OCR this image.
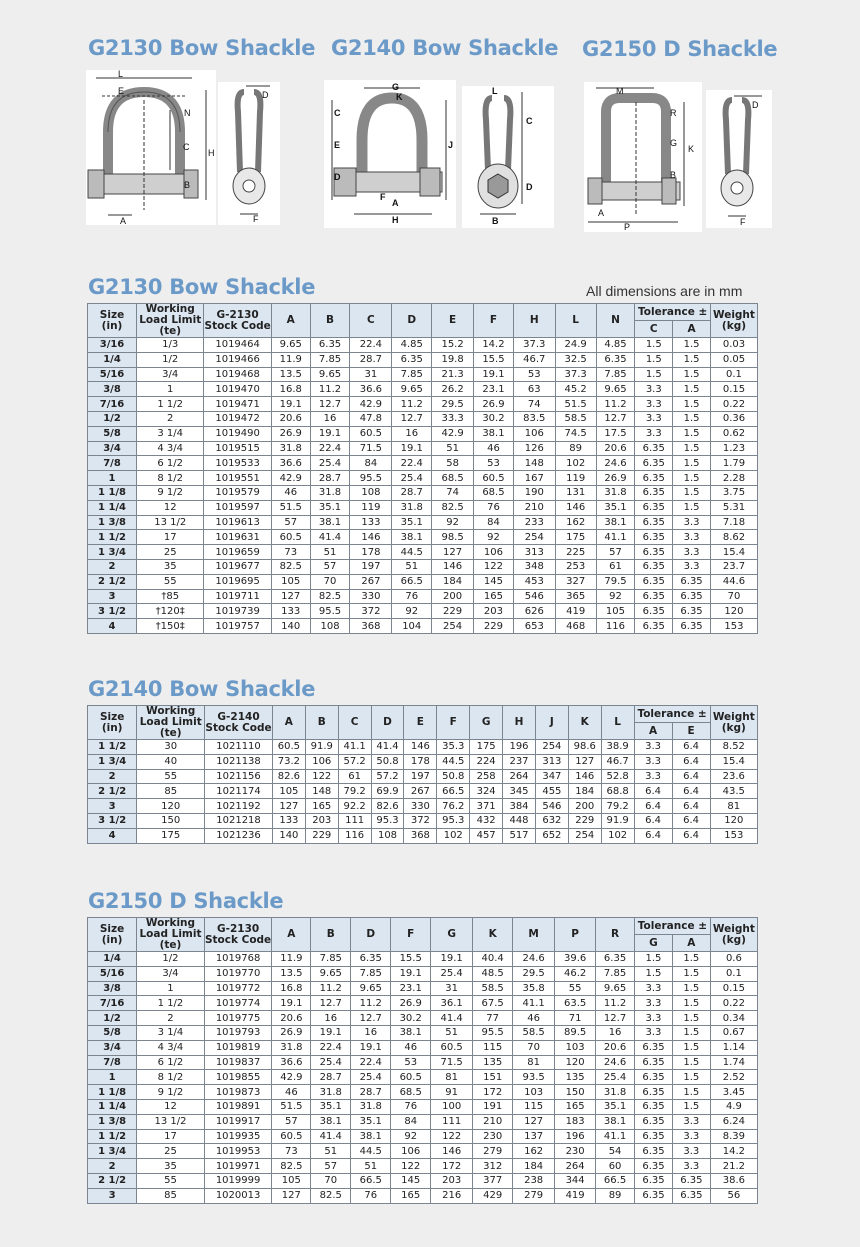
G2130 Bow Shackle G2140 Bow Shackle G2150 D Shackle
L
E
N
C
H
B
A
D
F
G
K
C
E	J
D
F
A
H
L
C
D
B
M
R
G
K
B
A
P
D
F
G2130 Bow Shackle	All dimensions are in mm
G2140 Bow Shackle
G2150 D Shackle
Size (in)	Working Load Limit (te)	G-2130 Stock Code	A	B	C	D	E	F	H	L	N	Tolerance ±		Weight (kg)
												C	A	
3/16	1/3	1019464	9.65	6.35	22.4	4.85	15.2	14.2	37.3	24.9	4.85	1.5	1.5	0.03
1/4	1/2	1019466	11.9	7.85	28.7	6.35	19.8	15.5	46.7	32.5	6.35	1.5	1.5	0.05
5/16	3/4	1019468	13.5	9.65	31	7.85	21.3	19.1	53	37.3	7.85	1.5	1.5	0.1
3/8	1	1019470	16.8	11.2	36.6	9.65	26.2	23.1	63	45.2	9.65	3.3	1.5	0.15
7/16	1 1/2	1019471	19.1	12.7	42.9	11.2	29.5	26.9	74	51.5	11.2	3.3	1.5	0.22
1/2	2	1019472	20.6	16	47.8	12.7	33.3	30.2	83.5	58.5	12.7	3.3	1.5	0.36
5/8	3 1/4	1019490	26.9	19.1	60.5	16	42.9	38.1	106	74.5	17.5	3.3	1.5	0.62
3/4	4 3/4	1019515	31.8	22.4	71.5	19.1	51	46	126	89	20.6	6.35	1.5	1.23
7/8	6 1/2	1019533	36.6	25.4	84	22.4	58	53	148	102	24.6	6.35	1.5	1.79
1	8 1/2	1019551	42.9	28.7	95.5	25.4	68.5	60.5	167	119	26.9	6.35	1.5	2.28
1 1/8	9 1/2	1019579	46	31.8	108	28.7	74	68.5	190	131	31.8	6.35	1.5	3.75
1 1/4	12	1019597	51.5	35.1	119	31.8	82.5	76	210	146	35.1	6.35	1.5	5.31
1 3/8	13 1/2	1019613	57	38.1	133	35.1	92	84	233	162	38.1	6.35	3.3	7.18
1 1/2	17	1019631	60.5	41.4	146	38.1	98.5	92	254	175	41.1	6.35	3.3	8.62
1 3/4	25	1019659	73	51	178	44.5	127	106	313	225	57	6.35	3.3	15.4
2	35	1019677	82.5	57	197	51	146	122	348	253	61	6.35	3.3	23.7
2 1/2	55	1019695	105	70	267	66.5	184	145	453	327	79.5	6.35	6.35	44.6
3	†85	1019711	127	82.5	330	76	200	165	546	365	92	6.35	6.35	70
3 1/2	†120‡	1019739	133	95.5	372	92	229	203	626	419	105	6.35	6.35	120
4	†150‡	1019757	140	108	368	104	254	229	653	468	116	6.35	6.35	153
Size (in)	Working Load Limit (te)	G-2140 Stock Code	A	B	C	D	E	F	G	H	J	K	L	Tolerance ±		Weight (kg)
														A	E	
1 1/2	30	1021110	60.5	91.9	41.1	41.4	146	35.3	175	196	254	98.6	38.9	3.3	6.4	8.52
1 3/4	40	1021138	73.2	106	57.2	50.8	178	44.5	224	237	313	127	46.7	3.3	6.4	15.4
2	55	1021156	82.6	122	61	57.2	197	50.8	258	264	347	146	52.8	3.3	6.4	23.6
2 1/2	85	1021174	105	148	79.2	69.9	267	66.5	324	345	455	184	68.8	6.4	6.4	43.5
3	120	1021192	127	165	92.2	82.6	330	76.2	371	384	546	200	79.2	6.4	6.4	81
3 1/2	150	1021218	133	203	111	95.3	372	95.3	432	448	632	229	91.9	6.4	6.4	120
4	175	1021236	140	229	116	108	368	102	457	517	652	254	102	6.4	6.4	153
Size (in)	Working Load Limit (te)	G-2130 Stock Code	A	B	D	F	G	K	M	P	R	Tolerance ±		Weight (kg)
												G	A	
1/4	1/2	1019768	11.9	7.85	6.35	15.5	19.1	40.4	24.6	39.6	6.35	1.5	1.5	0.6
5/16	3/4	1019770	13.5	9.65	7.85	19.1	25.4	48.5	29.5	46.2	7.85	1.5	1.5	0.1
3/8	1	1019772	16.8	11.2	9.65	23.1	31	58.5	35.8	55	9.65	3.3	1.5	0.15
7/16	1 1/2	1019774	19.1	12.7	11.2	26.9	36.1	67.5	41.1	63.5	11.2	3.3	1.5	0.22
1/2	2	1019775	20.6	16	12.7	30.2	41.4	77	46	71	12.7	3.3	1.5	0.34
5/8	3 1/4	1019793	26.9	19.1	16	38.1	51	95.5	58.5	89.5	16	3.3	1.5	0.67
3/4	4 3/4	1019819	31.8	22.4	19.1	46	60.5	115	70	103	20.6	6.35	1.5	1.14
7/8	6 1/2	1019837	36.6	25.4	22.4	53	71.5	135	81	120	24.6	6.35	1.5	1.74
1	8 1/2	1019855	42.9	28.7	25.4	60.5	81	151	93.5	135	25.4	6.35	1.5	2.52
1 1/8	9 1/2	1019873	46	31.8	28.7	68.5	91	172	103	150	31.8	6.35	1.5	3.45
1 1/4	12	1019891	51.5	35.1	31.8	76	100	191	115	165	35.1	6.35	1.5	4.9
1 3/8	13 1/2	1019917	57	38.1	35.1	84	111	210	127	183	38.1	6.35	3.3	6.24
1 1/2	17	1019935	60.5	41.4	38.1	92	122	230	137	196	41.1	6.35	3.3	8.39
1 3/4	25	1019953	73	51	44.5	106	146	279	162	230	54	6.35	3.3	14.2
2	35	1019971	82.5	57	51	122	172	312	184	264	60	6.35	3.3	21.2
2 1/2	55	1019999	105	70	66.5	145	203	377	238	344	66.5	6.35	6.35	38.6
3	85	1020013	127	82.5	76	165	216	429	279	419	89	6.35	6.35	56
